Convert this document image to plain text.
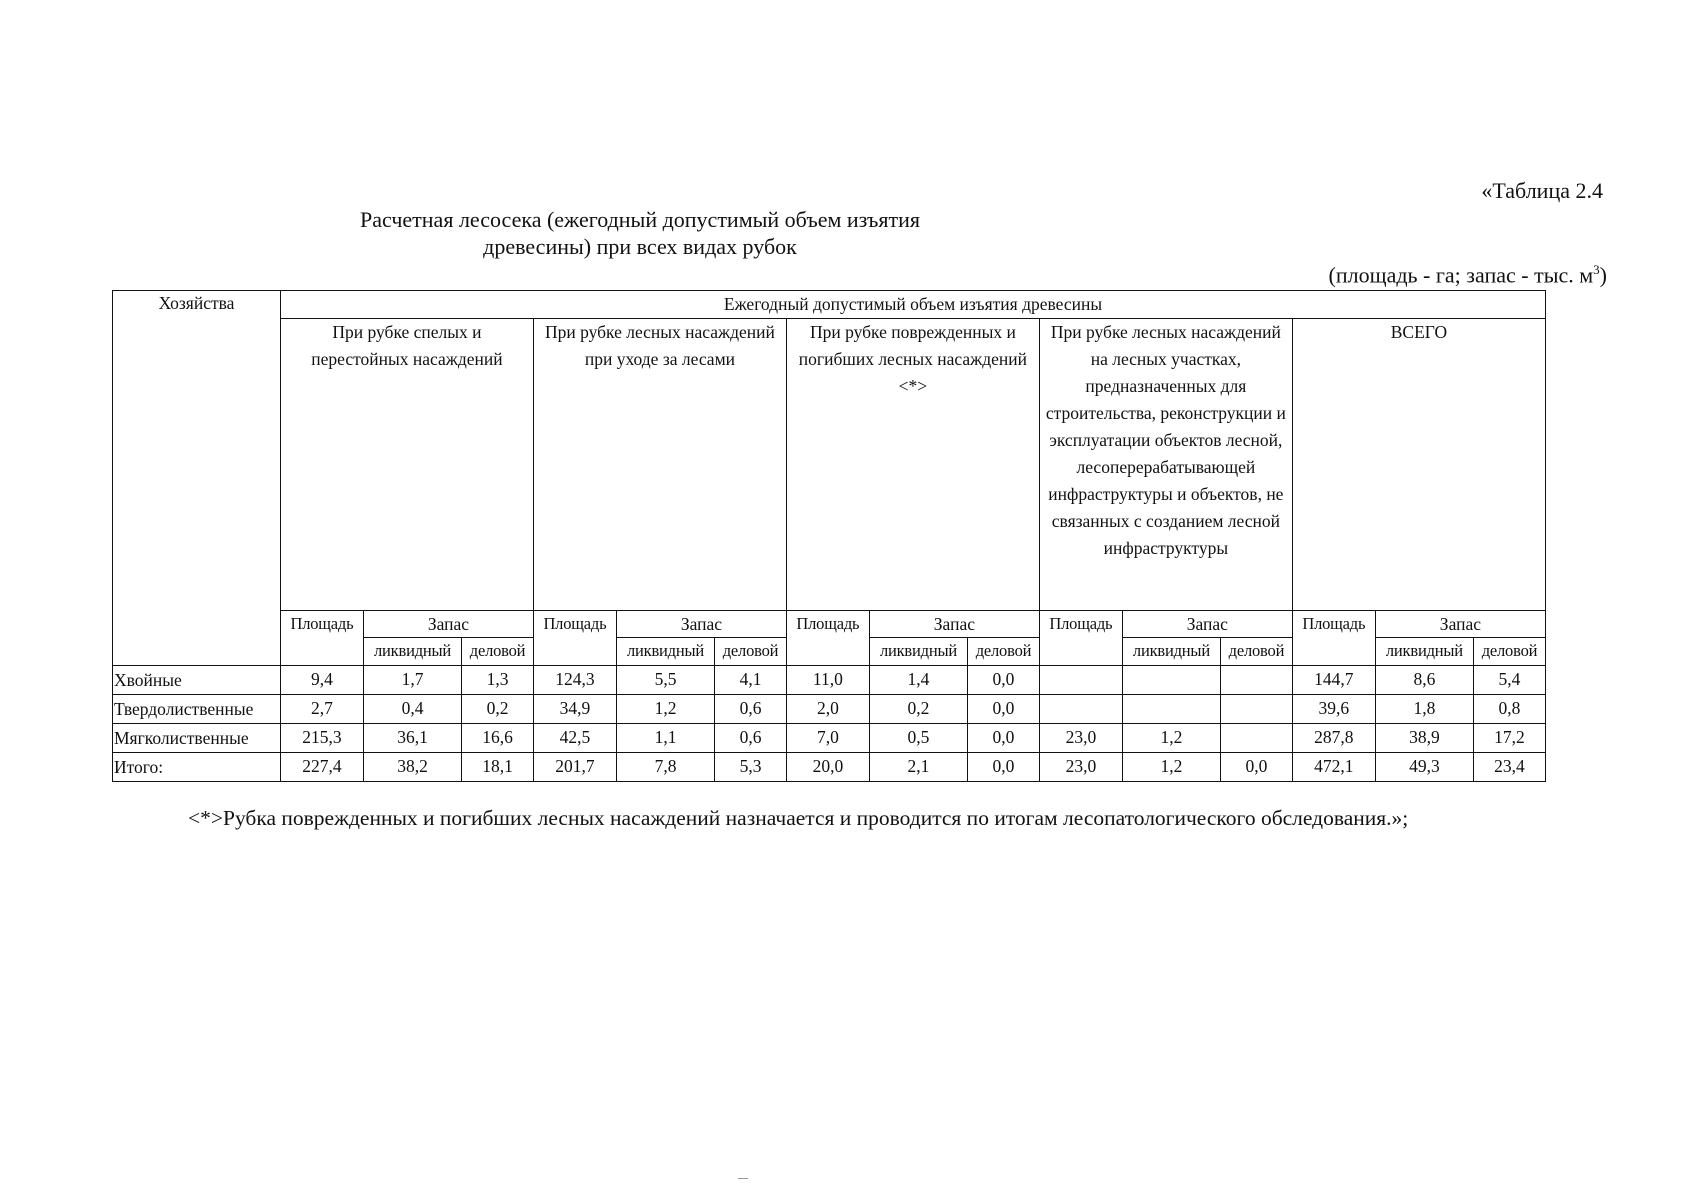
«Таблица 2.4
Расчетная лесосека (ежегодный допустимый объем изъятия
древесины) при всех видах рубок
(площадь - га; запас - тыс. $м^3$)
Хозяйства	Ежегодный допустимый объем изъятия древесины														
	При рубке спелых и перестойных насаждений			При рубке лесных насаждений при уходе за лесами			При рубке поврежденных и погибших лесных насаждений <*>			При рубке лесных насаждений на лесных участках, предназначенных для строительства, реконструкции и эксплуатации объектов лесной, лесоперерабатывающей инфраструктуры и объектов, не связанных с созданием лесной инфраструктуры			ВСЕГО		
	Площадь	Запас		Площадь	Запас		Площадь	Запас		Площадь	Запас		Площадь	Запас	
		ликвидный	деловой		ликвидный	деловой		ликвидный	деловой		ликвидный	деловой		ликвидный	деловой
Хвойные	9,4	1,7	1,3	124,3	5,5	4,1	11,0	1,4	0,0				144,7	8,6	5,4
Твердолиственные	2,7	0,4	0,2	34,9	1,2	0,6	2,0	0,2	0,0				39,6	1,8	0,8
Мягколиственные	215,3	36,1	16,6	42,5	1,1	0,6	7,0	0,5	0,0	23,0	1,2		287,8	38,9	17,2
Итого:	227,4	38,2	18,1	201,7	7,8	5,3	20,0	2,1	0,0	23,0	1,2	0,0	472,1	49,3	23,4
<*>Рубка поврежденных и погибших лесных насаждений назначается и проводится по итогам лесопатологического обследования.»;
